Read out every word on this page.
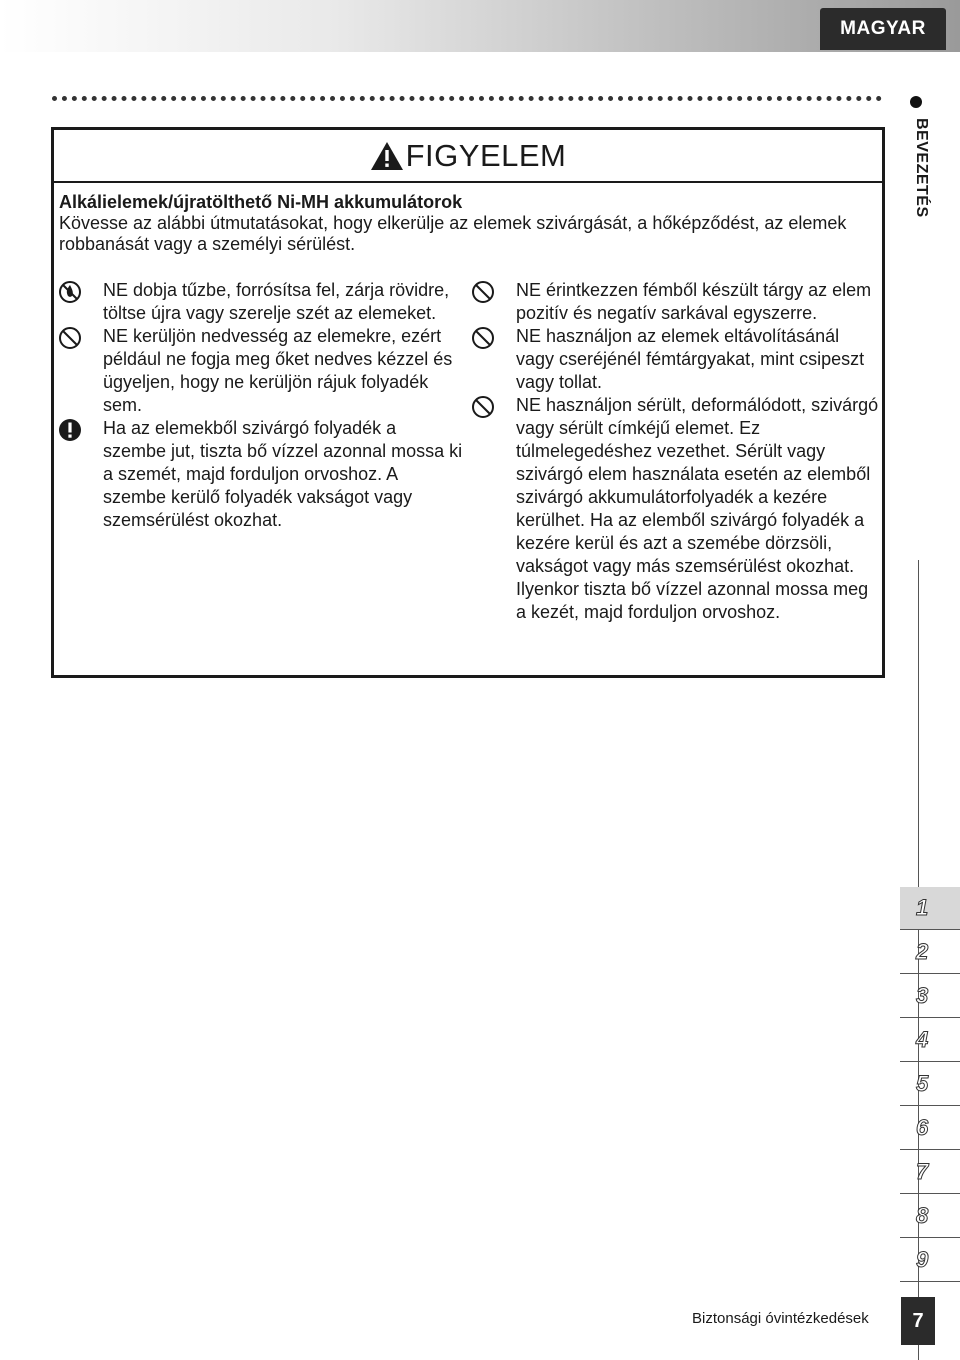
MAGYAR
BEVEZETÉS
FIGYELEM
Alkálielemek/újratölthető Ni-MH akkumulátorok
Kövesse az alábbi útmutatásokat, hogy elkerülje az elemek szivárgását, a hőképződést, az elemek robbanását vagy a személyi sérülést.
NE dobja tűzbe, forrósítsa fel, zárja rövidre, töltse újra vagy szerelje szét az elemeket.
NE kerüljön nedvesség az elemekre, ezért például ne fogja meg őket nedves kézzel és ügyeljen, hogy ne kerüljön rájuk folyadék sem.
Ha az elemekből szivárgó folyadék a szembe jut, tiszta bő vízzel azonnal mossa ki a szemét, majd forduljon orvoshoz. A szembe kerülő folyadék vakságot vagy szemsérülést okozhat.
NE érintkezzen fémből készült tárgy az elem pozitív és negatív sarkával egyszerre.
NE használjon az elemek eltávolításánál vagy cseréjénél fémtárgyakat, mint csipeszt vagy tollat.
NE használjon sérült, deformálódott, szivárgó vagy sérült címkéjű elemet. Ez túlmelegedéshez vezethet. Sérült vagy szivárgó elem használata esetén az elemből szivárgó akkumulátorfolyadék a kezére kerülhet. Ha az elemből szivárgó folyadék a kezére kerül és azt a szemébe dörzsöli, vakságot vagy más szemsérülést okozhat. Ilyenkor tiszta bő vízzel azonnal mossa meg a kezét, majd forduljon orvoshoz.
1
2
3
4
5
6
7
8
9
Biztonsági óvintézkedések	7
